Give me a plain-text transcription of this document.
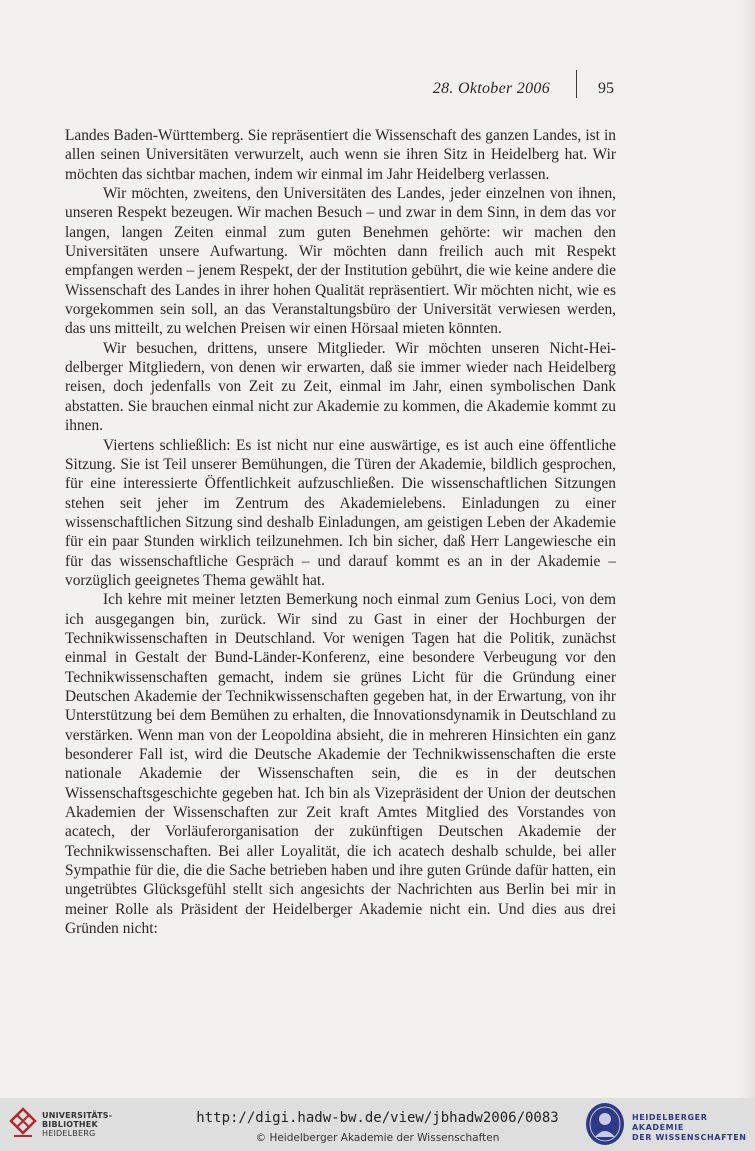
28. Oktober 2006	95

Landes Baden-Württemberg. Sie repräsentiert die Wissenschaft des ganzen Landes, ist in allen seinen Universitäten verwurzelt, auch wenn sie ihren Sitz in Heidelberg hat. Wir möchten das sichtbar machen, indem wir einmal im Jahr Heidelberg verlassen.

Wir möchten, zweitens, den Universitäten des Landes, jeder einzelnen von ihnen, unseren Respekt bezeugen. Wir machen Besuch – und zwar in dem Sinn, in dem das vor langen, langen Zeiten einmal zum guten Benehmen gehörte: wir machen den Universitäten unsere Aufwartung. Wir möchten dann freilich auch mit Respekt empfangen werden – jenem Respekt, der der Institution gebührt, die wie keine andere die Wissenschaft des Landes in ihrer hohen Qualität repräsentiert. Wir möchten nicht, wie es vorgekommen sein soll, an das Veranstaltungsbüro der Universität verwiesen werden, das uns mitteilt, zu welchen Preisen wir einen Hörsaal mieten könnten.

Wir besuchen, drittens, unsere Mitglieder. Wir möchten unseren Nicht-Heidelberger Mitgliedern, von denen wir erwarten, daß sie immer wieder nach Heidelberg reisen, doch jedenfalls von Zeit zu Zeit, einmal im Jahr, einen symbolischen Dank abstatten. Sie brauchen einmal nicht zur Akademie zu kommen, die Akademie kommt zu ihnen.

Viertens schließlich: Es ist nicht nur eine auswärtige, es ist auch eine öffentliche Sitzung. Sie ist Teil unserer Bemühungen, die Türen der Akademie, bildlich gesprochen, für eine interessierte Öffentlichkeit aufzuschließen. Die wissenschaftlichen Sitzungen stehen seit jeher im Zentrum des Akademielebens. Einladungen zu einer wissenschaftlichen Sitzung sind deshalb Einladungen, am geistigen Leben der Akademie für ein paar Stunden wirklich teilzunehmen. Ich bin sicher, daß Herr Langewiesche ein für das wissenschaftliche Gespräch – und darauf kommt es an in der Akademie – vorzüglich geeignetes Thema gewählt hat.

Ich kehre mit meiner letzten Bemerkung noch einmal zum Genius Loci, von dem ich ausgegangen bin, zurück. Wir sind zu Gast in einer der Hochburgen der Technikwissenschaften in Deutschland. Vor wenigen Tagen hat die Politik, zunächst einmal in Gestalt der Bund-Länder-Konferenz, eine besondere Verbeugung vor den Technikwissenschaften gemacht, indem sie grünes Licht für die Gründung einer Deutschen Akademie der Technikwissenschaften gegeben hat, in der Erwartung, von ihr Unterstützung bei dem Bemühen zu erhalten, die Innovationsdynamik in Deutschland zu verstärken. Wenn man von der Leopoldina absieht, die in mehreren Hinsichten ein ganz besonderer Fall ist, wird die Deutsche Akademie der Technikwissenschaften die erste nationale Akademie der Wissenschaften sein, die es in der deutschen Wissenschaftsgeschichte gegeben hat. Ich bin als Vizepräsident der Union der deutschen Akademien der Wissenschaften zur Zeit kraft Amtes Mitglied des Vorstandes von acatech, der Vorläuferorganisation der zukünftigen Deutschen Akademie der Technikwissenschaften. Bei aller Loyalität, die ich acatech deshalb schulde, bei aller Sympathie für die, die die Sache betrieben haben und ihre guten Gründe dafür hatten, ein ungetrübtes Glücksgefühl stellt sich angesichts der Nachrichten aus Berlin bei mir in meiner Rolle als Präsident der Heidelberger Akademie nicht ein. Und dies aus drei Gründen nicht:

UNIVERSITÄTS-
BIBLIOTHEK
HEIDELBERG
http://digi.hadw-bw.de/view/jbhadw2006/0083
© Heidelberger Akademie der Wissenschaften
HEIDELBERGER AKADEMIE
DER WISSENSCHAFTEN
